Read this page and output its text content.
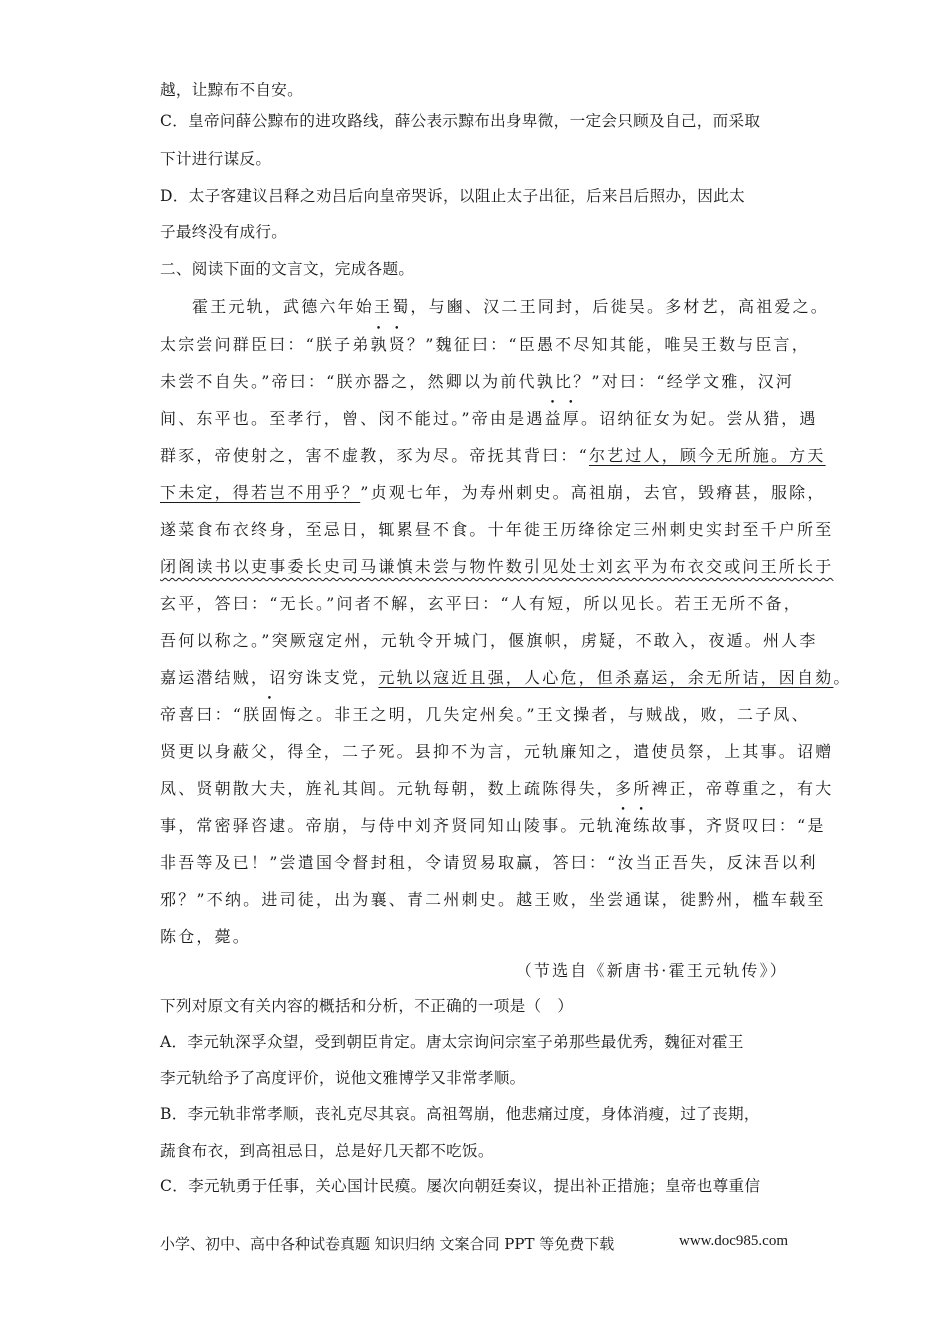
越，让黥布不自安。
C．皇帝问薛公黥布的进攻路线，薛公表示黥布出身卑微，一定会只顾及自己，而采取
下计进行谋反。
D．太子客建议吕释之劝吕后向皇帝哭诉，以阻止太子出征，后来吕后照办，因此太
子最终没有成行。
二、阅读下面的文言文，完成各题。
霍王元轨，武德六年始王蜀，与豳、汉二王同封，后徙吴。多材艺，高祖爱之。
太宗尝问群臣曰：“朕子弟孰贤？”魏征曰：“臣愚不尽知其能，唯吴王数与臣言，
未尝不自失。”帝曰：“朕亦器之，然卿以为前代孰比？”对曰：“经学文雅，汉河
间、东平也。至孝行，曾、闵不能过。”帝由是遇益厚。诏纳征女为妃。尝从猎，遇
群豕，帝使射之，害不虚教，豕为尽。帝抚其背曰：“尔艺过人，顾今无所施。方天
下未定，得若岂不用乎？”贞观七年，为寿州刺史。高祖崩，去官，毁瘠甚，服除，
遂菜食布衣终身，至忌日，辄累昼不食。十年徙王历绛徐定三州刺史实封至千户所至
闭阁读书以吏事委长史司马谦慎未尝与物忤数引见处士刘玄平为布衣交或问王所长于
玄平，答曰：“无长。”问者不解，玄平曰：“人有短，所以见长。若王无所不备，
吾何以称之。”突厥寇定州，元轨令开城门，偃旗帜，虏疑，不敢入，夜遁。州人李
嘉运潜结贼，诏穷诛支党，元轨以寇近且强，人心危，但杀嘉运，余无所诘，因自劾。
帝喜曰：“朕固悔之。非王之明，几失定州矣。”王文操者，与贼战，败，二子凤、
贤更以身蔽父，得全，二子死。县抑不为言，元轨廉知之，遣使员祭，上其事。诏赠
凤、贤朝散大夫，旌礼其闾。元轨每朝，数上疏陈得失，多所裨正，帝尊重之，有大
事，常密驿咨逮。帝崩，与侍中刘齐贤同知山陵事。元轨淹练故事，齐贤叹曰：“是
非吾等及已！”尝遣国令督封租，令请贸易取赢，答曰：“汝当正吾失，反沫吾以利
邪？”不纳。进司徒，出为襄、青二州刺史。越王败，坐尝通谋，徙黔州，槛车载至
陈仓，薨。
（节选自《新唐书·霍王元轨传》）
下列对原文有关内容的概括和分析，不正确的一项是（　）
A．李元轨深孚众望，受到朝臣肯定。唐太宗询问宗室子弟那些最优秀，魏征对霍王
李元轨给予了高度评价，说他文雅博学又非常孝顺。
B．李元轨非常孝顺，丧礼克尽其哀。高祖驾崩，他悲痛过度，身体消瘦，过了丧期，
蔬食布衣，到高祖忌日，总是好几天都不吃饭。
C．李元轨勇于任事，关心国计民瘼。屡次向朝廷奏议，提出补正措施；皇帝也尊重信
小学、初中、高中各种试卷真题 知识归纳 文案合同 PPT 等免费下载	www.doc985.com
